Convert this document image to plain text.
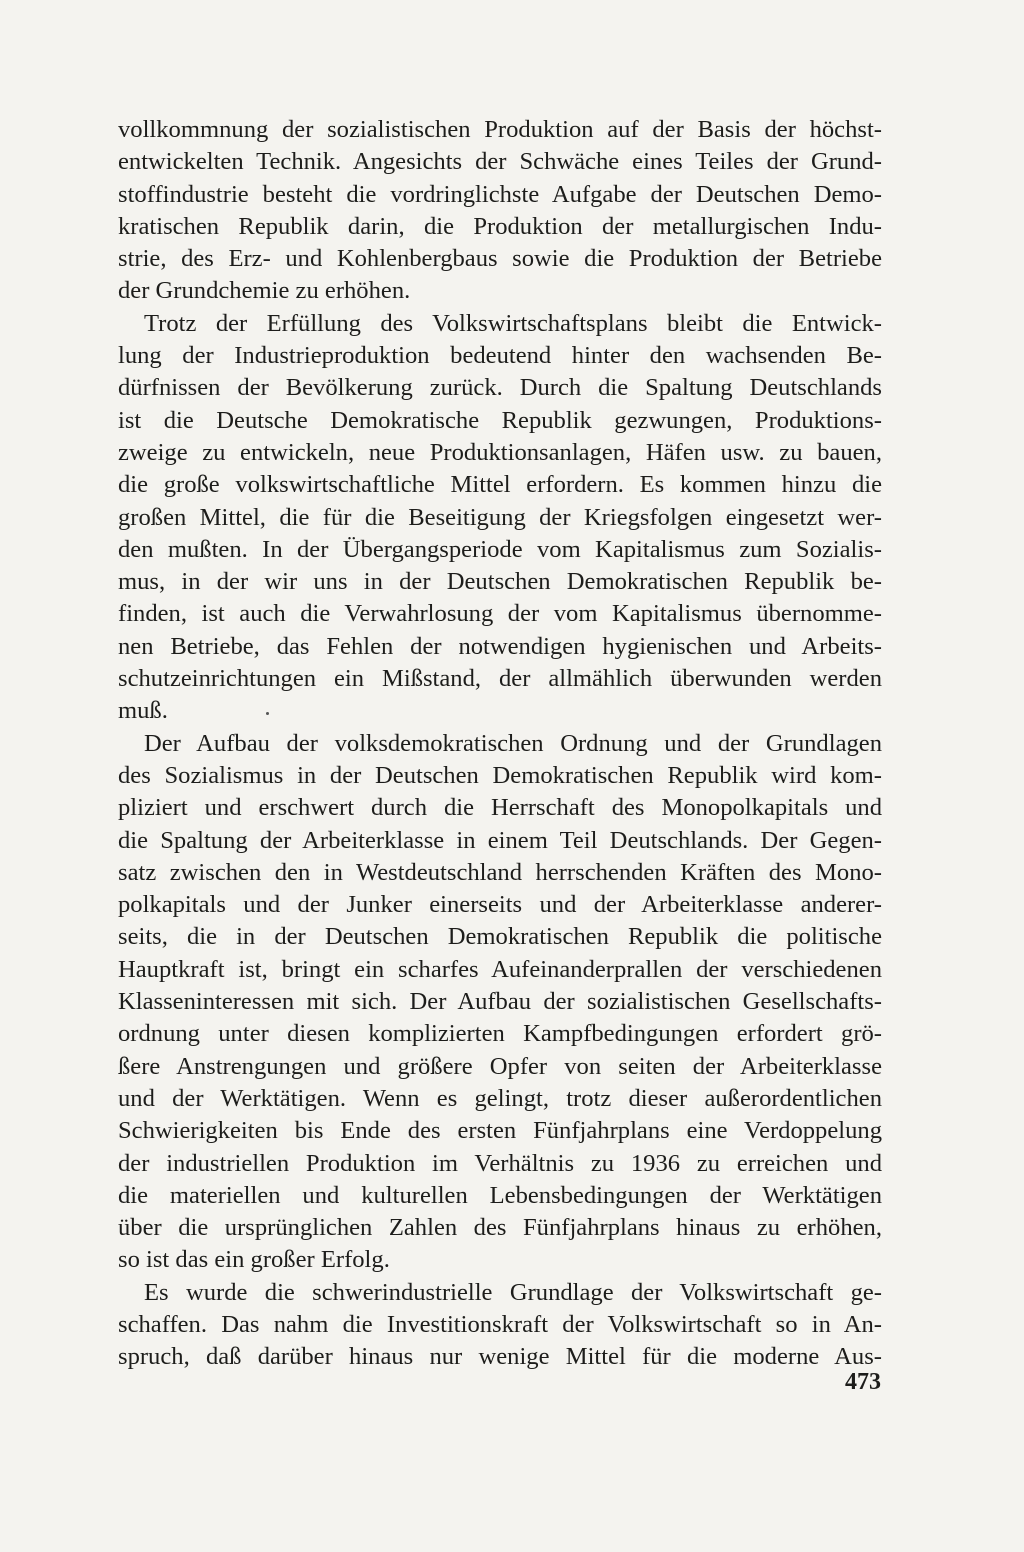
vollkommnung der sozialistischen Produktion auf der Basis der höchst-
entwickelten Technik. Angesichts der Schwäche eines Teiles der Grund-
stoffindustrie besteht die vordringlichste Aufgabe der Deutschen Demo-
kratischen Republik darin, die Produktion der metallurgischen Indu-
strie, des Erz- und Kohlenbergbaus sowie die Produktion der Betriebe
der Grundchemie zu erhöhen.
Trotz der Erfüllung des Volkswirtschaftsplans bleibt die Entwick-
lung der Industrieproduktion bedeutend hinter den wachsenden Be-
dürfnissen der Bevölkerung zurück. Durch die Spaltung Deutschlands
ist die Deutsche Demokratische Republik gezwungen, Produktions-
zweige zu entwickeln, neue Produktionsanlagen, Häfen usw. zu bauen,
die große volkswirtschaftliche Mittel erfordern. Es kommen hinzu die
großen Mittel, die für die Beseitigung der Kriegsfolgen eingesetzt wer-
den mußten. In der Übergangsperiode vom Kapitalismus zum Sozialis-
mus, in der wir uns in der Deutschen Demokratischen Republik be-
finden, ist auch die Verwahrlosung der vom Kapitalismus übernomme-
nen Betriebe, das Fehlen der notwendigen hygienischen und Arbeits-
schutzeinrichtungen ein Mißstand, der allmählich überwunden werden
muß.
Der Aufbau der volksdemokratischen Ordnung und der Grundlagen
des Sozialismus in der Deutschen Demokratischen Republik wird kom-
pliziert und erschwert durch die Herrschaft des Monopolkapitals und
die Spaltung der Arbeiterklasse in einem Teil Deutschlands. Der Gegen-
satz zwischen den in Westdeutschland herrschenden Kräften des Mono-
polkapitals und der Junker einerseits und der Arbeiterklasse anderer-
seits, die in der Deutschen Demokratischen Republik die politische
Hauptkraft ist, bringt ein scharfes Aufeinanderprallen der verschiedenen
Klasseninteressen mit sich. Der Aufbau der sozialistischen Gesellschafts-
ordnung unter diesen komplizierten Kampfbedingungen erfordert grö-
ßere Anstrengungen und größere Opfer von seiten der Arbeiterklasse
und der Werktätigen. Wenn es gelingt, trotz dieser außerordentlichen
Schwierigkeiten bis Ende des ersten Fünfjahrplans eine Verdoppelung
der industriellen Produktion im Verhältnis zu 1936 zu erreichen und
die materiellen und kulturellen Lebensbedingungen der Werktätigen
über die ursprünglichen Zahlen des Fünfjahrplans hinaus zu erhöhen,
so ist das ein großer Erfolg.
Es wurde die schwerindustrielle Grundlage der Volkswirtschaft ge-
schaffen. Das nahm die Investitionskraft der Volkswirtschaft so in An-
spruch, daß darüber hinaus nur wenige Mittel für die moderne Aus-
473
